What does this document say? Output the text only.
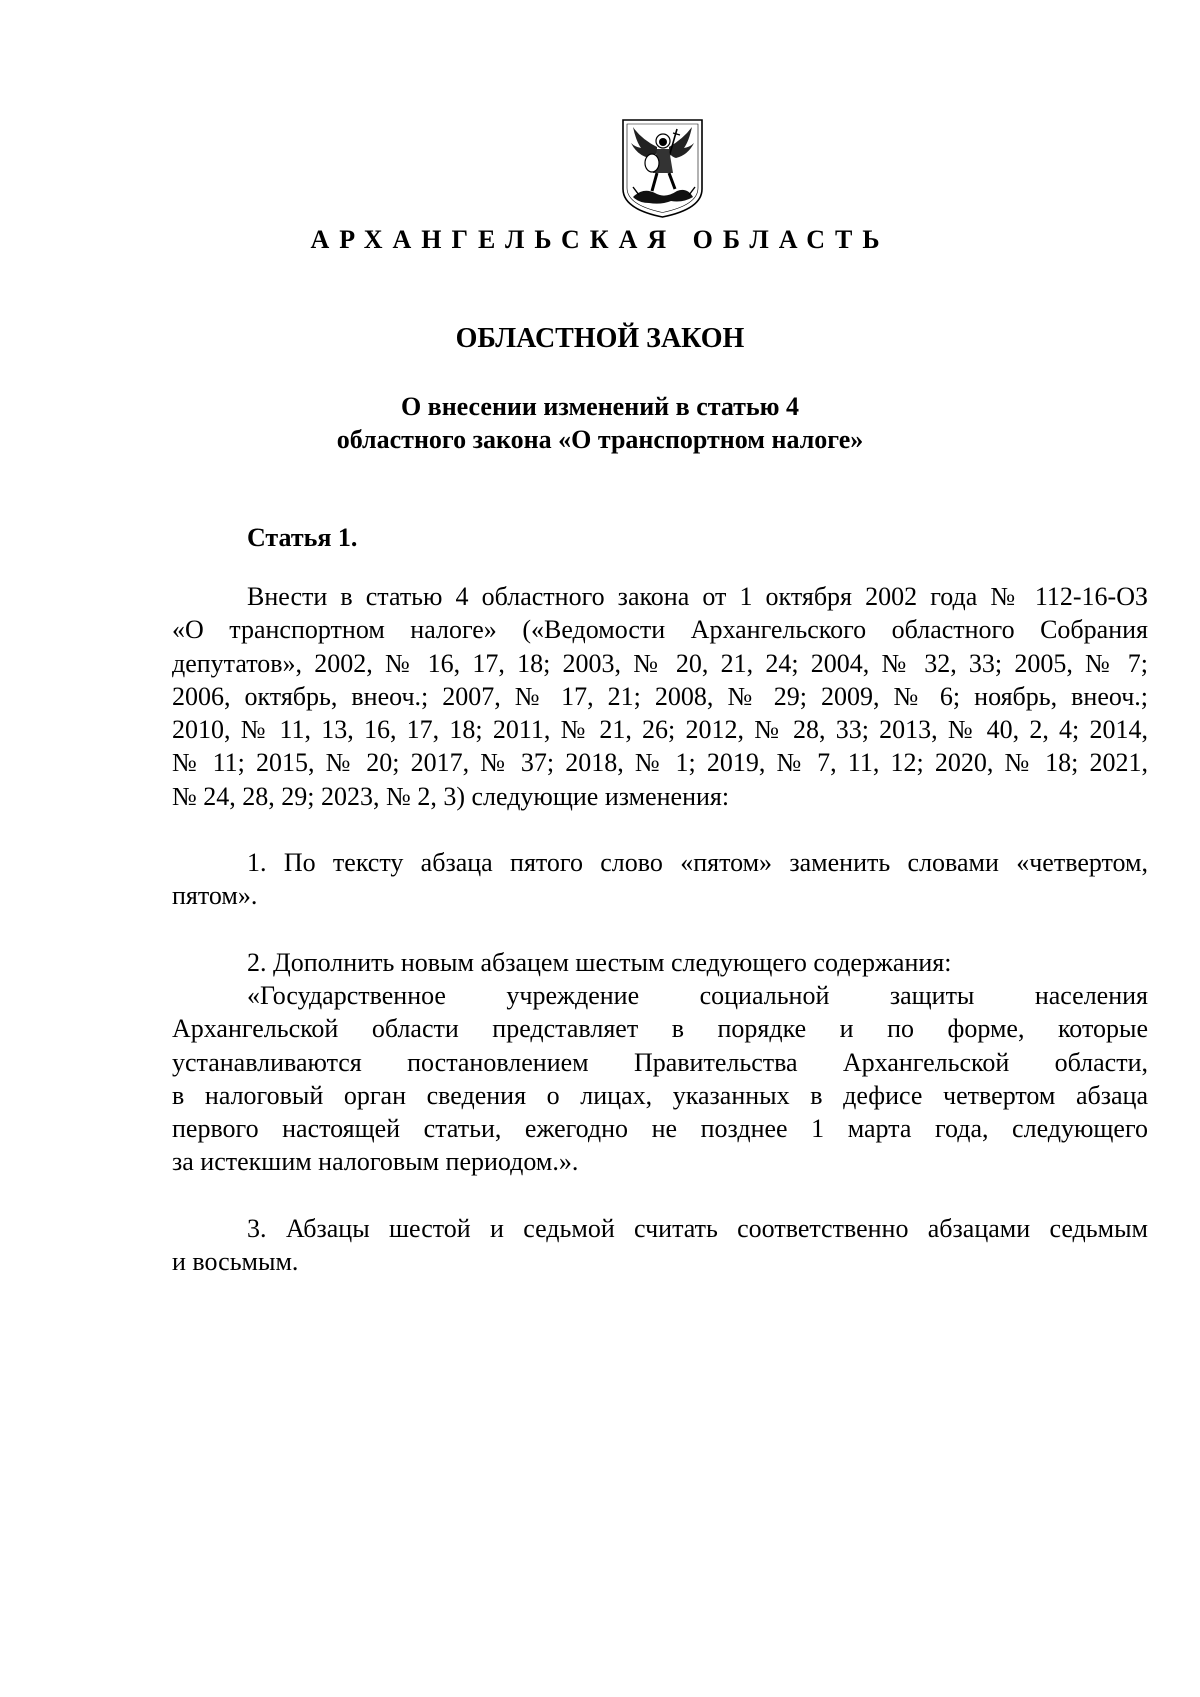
АРХАНГЕЛЬСКАЯ ОБЛАСТЬ
ОБЛАСТНОЙ ЗАКОН
О внесении изменений в статью 4
областного закона «О транспортном налоге»
Статья 1.
Внести в статью 4 областного закона от 1 октября 2002 года № 112-16-ОЗ
«О транспортном налоге» («Ведомости Архангельского областного Собрания
депутатов», 2002, № 16, 17, 18; 2003, № 20, 21, 24; 2004, № 32, 33; 2005, № 7;
2006, октябрь, внеоч.; 2007, № 17, 21; 2008, № 29; 2009, № 6; ноябрь, внеоч.;
2010, № 11, 13, 16, 17, 18; 2011, № 21, 26; 2012, № 28, 33; 2013, № 40, 2, 4; 2014,
№ 11; 2015, № 20; 2017, № 37; 2018, № 1; 2019, № 7, 11, 12; 2020, № 18; 2021,
№ 24, 28, 29; 2023, № 2, 3) следующие изменения:
1. По тексту абзаца пятого слово «пятом» заменить словами «четвертом,
пятом».
2. Дополнить новым абзацем шестым следующего содержания:
«Государственное учреждение социальной защиты населения
Архангельской области представляет в порядке и по форме, которые
устанавливаются постановлением Правительства Архангельской области,
в налоговый орган сведения о лицах, указанных в дефисе четвертом абзаца
первого настоящей статьи, ежегодно не позднее 1 марта года, следующего
за истекшим налоговым периодом.».
3. Абзацы шестой и седьмой считать соответственно абзацами седьмым
и восьмым.
